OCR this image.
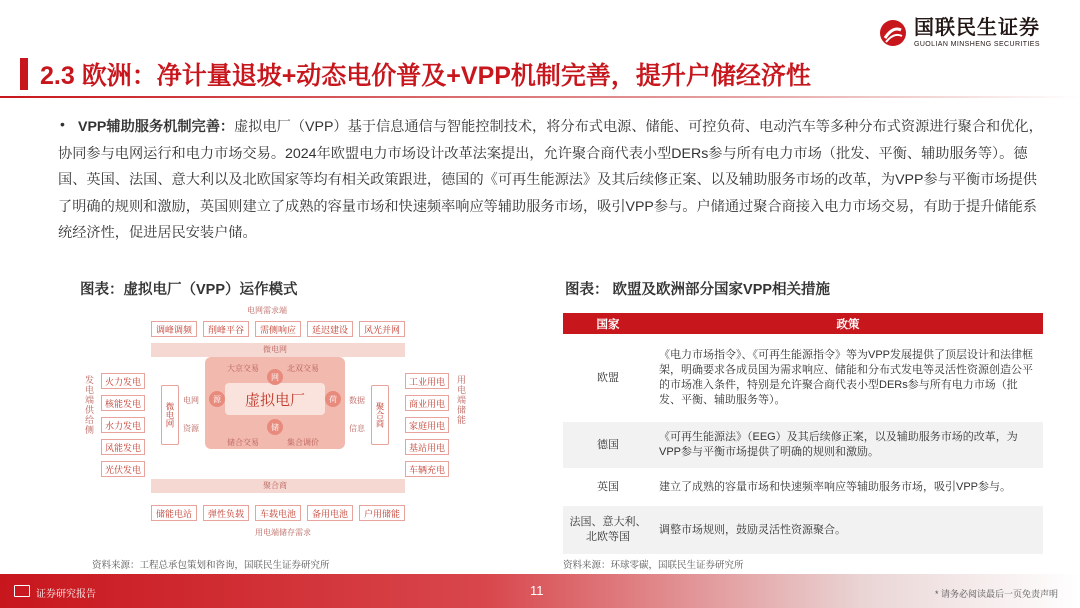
国联民生证券
GUOLIAN MINSHENG SECURITIES
2.3 欧洲：净计量退坡+动态电价普及+VPP机制完善，提升户储经济性
• VPP辅助服务机制完善：虚拟电厂（VPP）基于信息通信与智能控制技术，将分布式电源、储能、可控负荷、电动汽车等多种分布式资源进行聚合和优化，协同参与电网运行和电力市场交易。2024年欧盟电力市场设计改革法案提出，允许聚合商代表小型DERs参与所有电力市场（批发、平衡、辅助服务等）。德国、英国、法国、意大利以及北欧国家等均有相关政策跟进，德国的《可再生能源法》及其后续修正案、以及辅助服务市场的改革，为VPP参与平衡市场提供了明确的规则和激励，英国则建立了成熟的容量市场和快速频率响应等辅助服务市场，吸引VPP参与。户储通过聚合商接入电力市场交易，有助于提升储能系统经济性，促进居民安装户储。
图表：虚拟电厂（VPP）运作模式	图表： 欧盟及欧洲部分国家VPP相关措施
电网需求端
调峰调频	削峰平谷	需侧响应	延迟建设	风光并网
微电网
发电端供给侧	火力发电
核能发电
水力发电
风能发电
光伏发电
微电网
电网
资源
大京交易	北双交易
储合交易	集合调价
虚拟电厂
网
源	荷
储
数据
信息
聚合商
工业用电
商业用电
家庭用电
基站用电
车辆充电
用电端储能
聚合商
储能电站	弹性负载	车载电池	备用电池	户用储能
用电端储存需求
国家	政策
欧盟	《电力市场指令》、《可再生能源指令》等为VPP发展提供了顶层设计和法律框架，明确要求各成员国为需求响应、储能和分布式发电等灵活性资源创造公平的市场准入条件，特别是允许聚合商代表小型DERs参与所有电力市场（批发、平衡、辅助服务等）。
德国	《可再生能源法》（EEG）及其后续修正案，以及辅助服务市场的改革，为VPP参与平衡市场提供了明确的规则和激励。
英国	建立了成熟的容量市场和快速频率响应等辅助服务市场，吸引VPP参与。
法国、意大利、北欧等国	调整市场规则，鼓励灵活性资源聚合。
资料来源：工程总承包策划和咨询，国联民生证券研究所	资料来源：环球零碳，国联民生证券研究所
证券研究报告	11	* 请务必阅读最后一页免责声明
